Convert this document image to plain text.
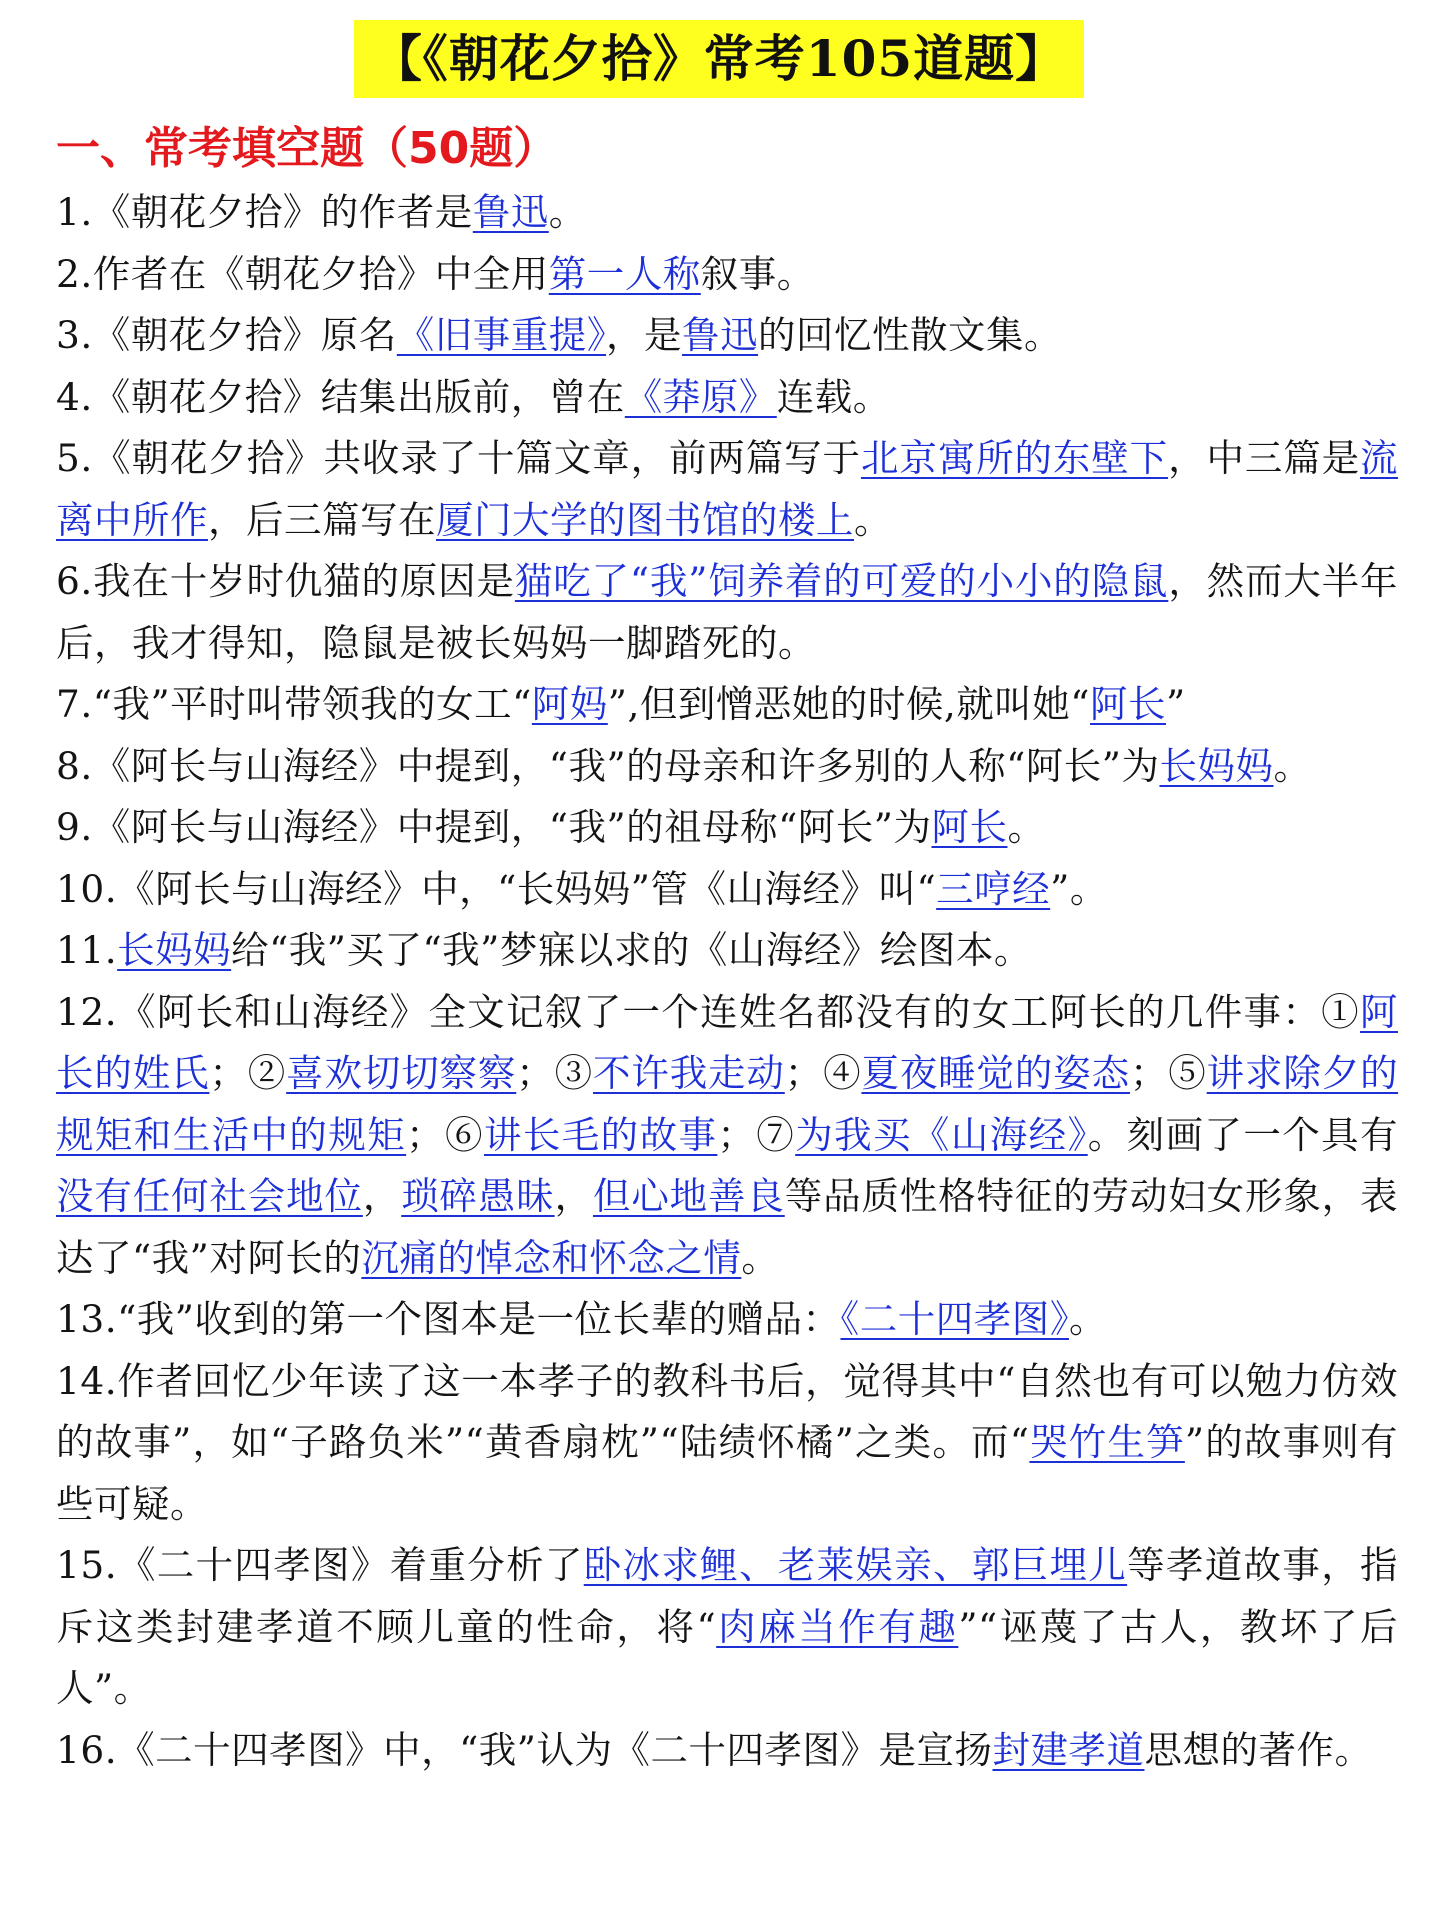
【《朝花夕拾》常考105道题】
一、常考填空题（50题）

1.《朝花夕拾》的作者是鲁迅。

2.作者在《朝花夕拾》中全用第一人称叙事。

3.《朝花夕拾》原名《旧事重提》，是鲁迅的回忆性散文集。

4.《朝花夕拾》结集出版前，曾在《莽原》连载。

5.《朝花夕拾》共收录了十篇文章，前两篇写于北京寓所的东壁下，中三篇是流离中所作，后三篇写在厦门大学的图书馆的楼上。

6.我在十岁时仇猫的原因是猫吃了“我”饲养着的可爱的小小的隐鼠，然而大半年后，我才得知，隐鼠是被长妈妈一脚踏死的。

7.“我”平时叫带领我的女工“阿妈”,但到憎恶她的时候,就叫她“阿长”

8.《阿长与山海经》中提到，“我”的母亲和许多别的人称“阿长”为长妈妈。

9.《阿长与山海经》中提到，“我”的祖母称“阿长”为阿长。

10.《阿长与山海经》中，“长妈妈”管《山海经》叫“三哼经”。

11.长妈妈给“我”买了“我”梦寐以求的《山海经》绘图本。

12.《阿长和山海经》全文记叙了一个连姓名都没有的女工阿长的几件事：①阿长的姓氏；②喜欢切切察察；③不许我走动；④夏夜睡觉的姿态；⑤讲求除夕的规矩和生活中的规矩；⑥讲长毛的故事；⑦为我买《山海经》。刻画了一个具有没有任何社会地位，琐碎愚昧，但心地善良等品质性格特征的劳动妇女形象，表达了“我”对阿长的沉痛的悼念和怀念之情。

13.“我”收到的第一个图本是一位长辈的赠品：《二十四孝图》。

14.作者回忆少年读了这一本孝子的教科书后，觉得其中“自然也有可以勉力仿效的故事”，如“子路负米”“黄香扇枕”“陆绩怀橘”之类。而“哭竹生笋”的故事则有些可疑。

15.《二十四孝图》着重分析了卧冰求鲤、老莱娱亲、郭巨埋儿等孝道故事，指斥这类封建孝道不顾儿童的性命，将“肉麻当作有趣”“诬蔑了古人，教坏了后人”。

16.《二十四孝图》中，“我”认为《二十四孝图》是宣扬封建孝道思想的著作。
